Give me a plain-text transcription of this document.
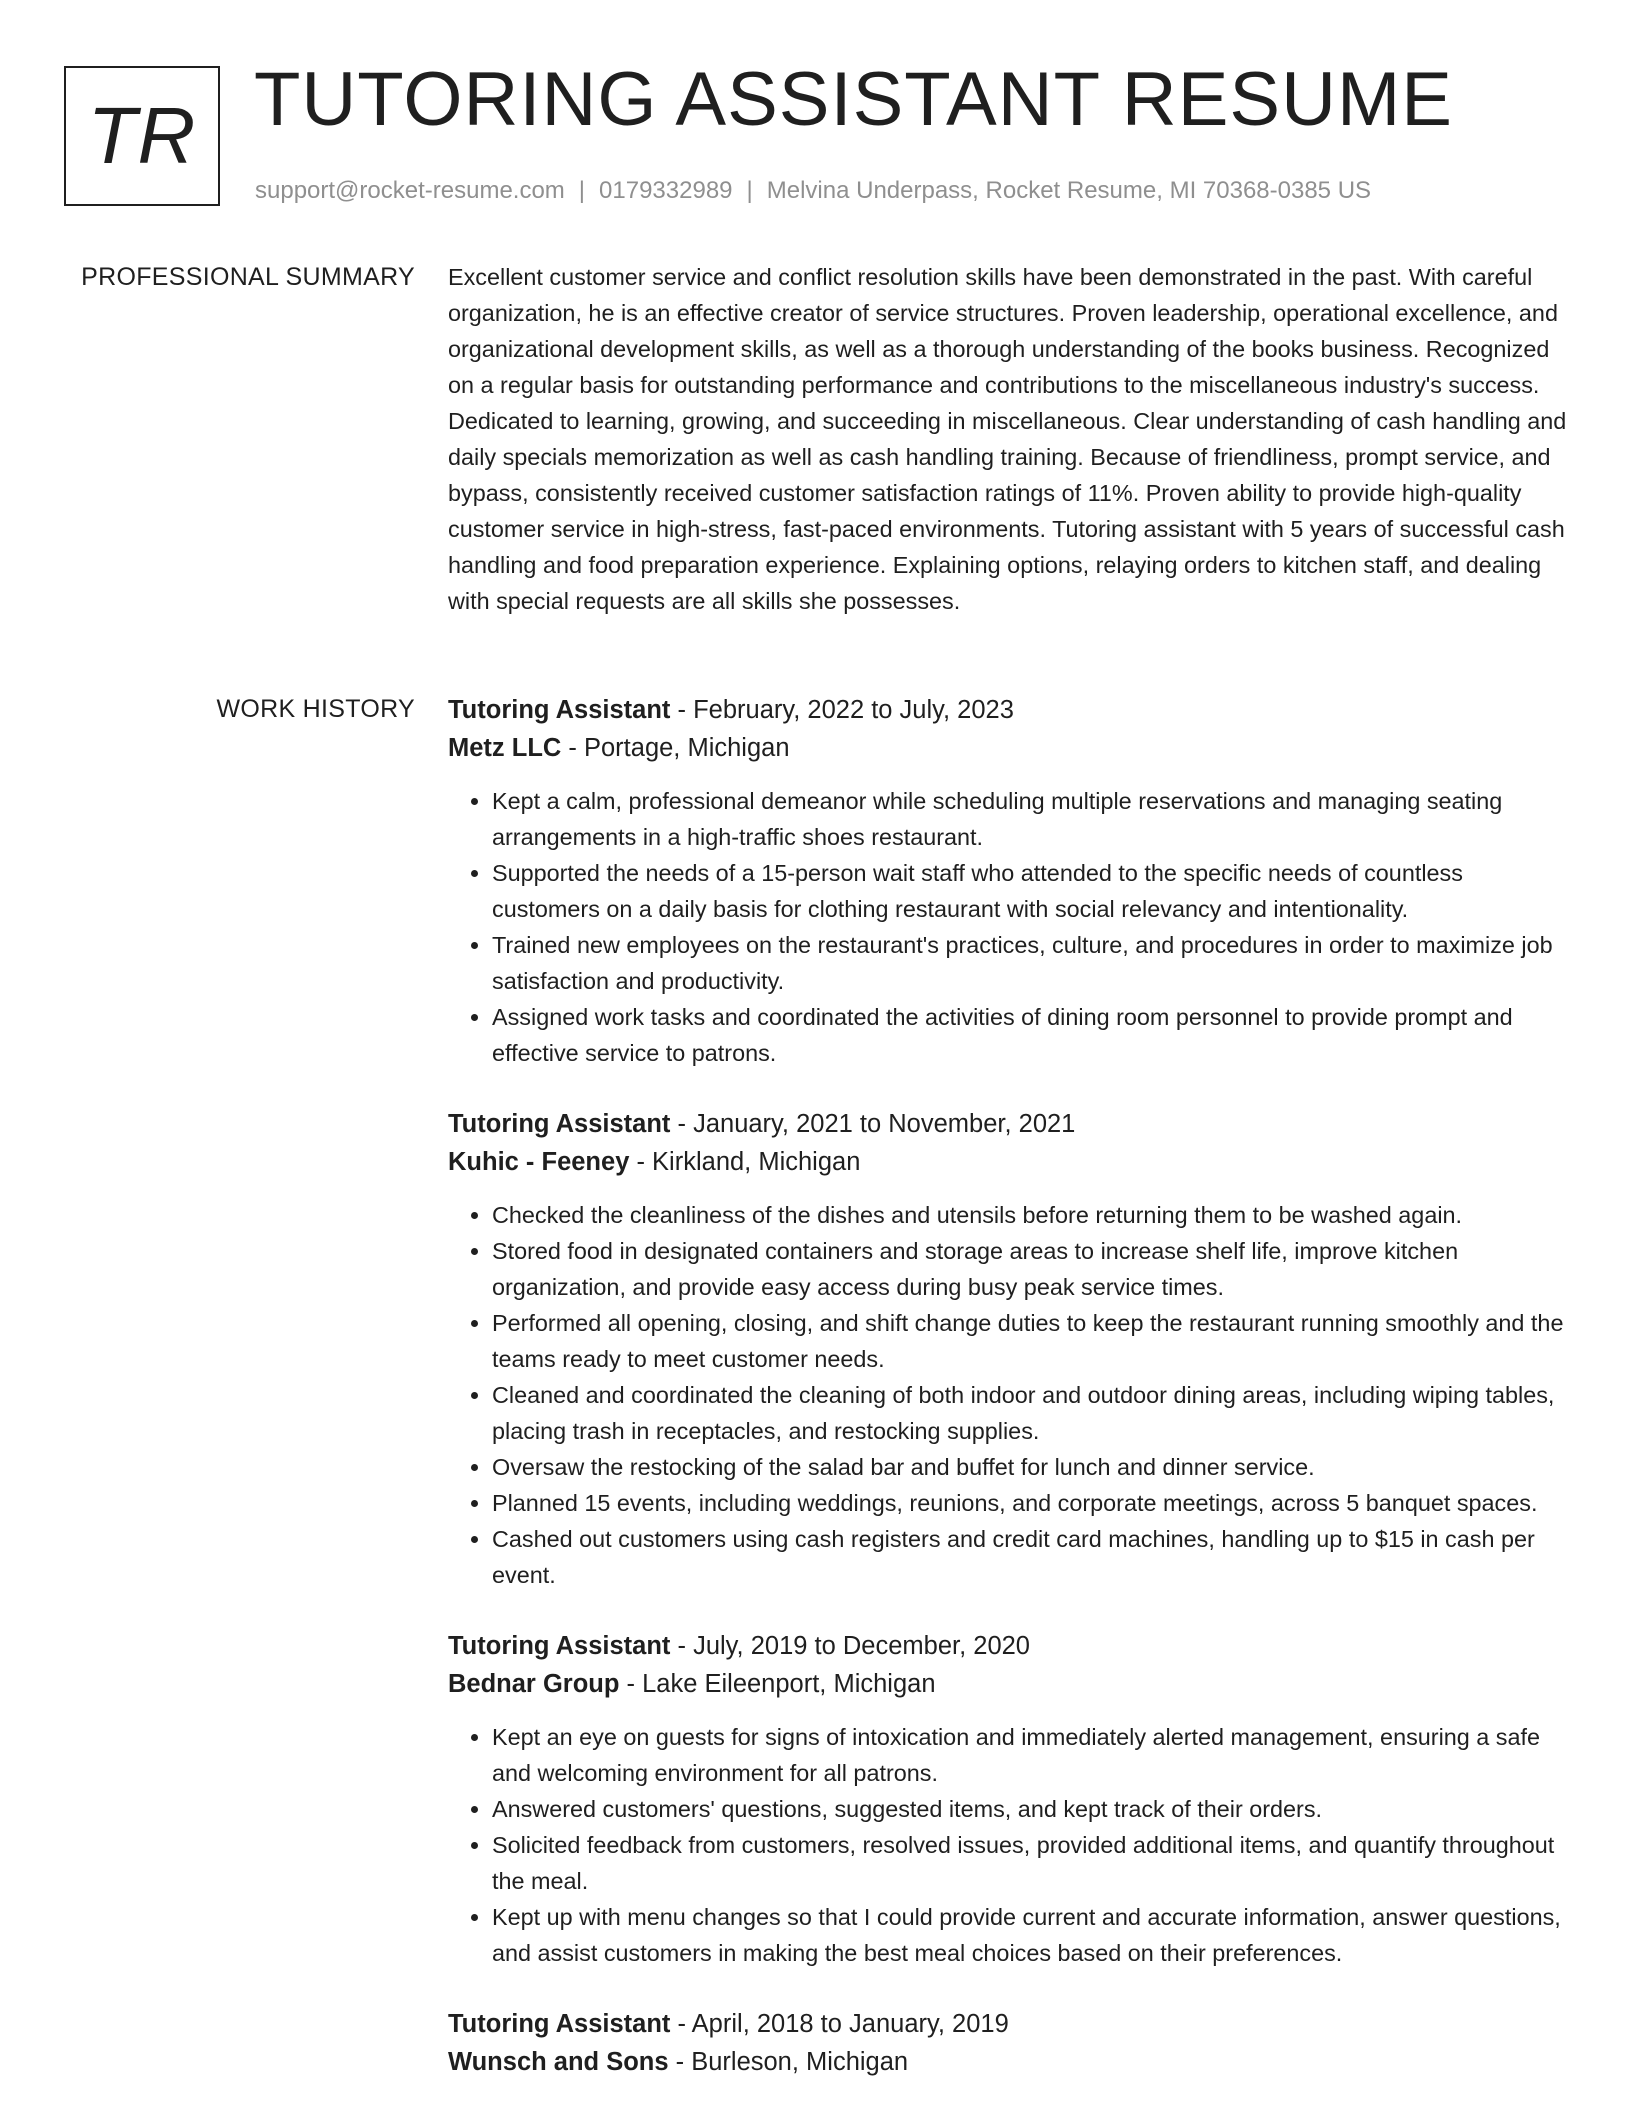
TR TUTORING ASSISTANT RESUME
support@rocket-resume.com | 0179332989 | Melvina Underpass, Rocket Resume, MI 70368-0385 US
PROFESSIONAL SUMMARY Excellent customer service and conflict resolution skills have been demonstrated in the past. With careful organization, he is an effective creator of service structures. Proven leadership, operational excellence, and organizational development skills, as well as a thorough understanding of the books business. Recognized on a regular basis for outstanding performance and contributions to the miscellaneous industry's success. Dedicated to learning, growing, and succeeding in miscellaneous. Clear understanding of cash handling and daily specials memorization as well as cash handling training. Because of friendliness, prompt service, and bypass, consistently received customer satisfaction ratings of 11%. Proven ability to provide high-quality customer service in high-stress, fast-paced environments. Tutoring assistant with 5 years of successful cash handling and food preparation experience. Explaining options, relaying orders to kitchen staff, and dealing with special requests are all skills she possesses.

WORK HISTORY Tutoring Assistant - February, 2022 to July, 2023
Metz LLC - Portage, Michigan
• Kept a calm, professional demeanor while scheduling multiple reservations and managing seating arrangements in a high-traffic shoes restaurant.
• Supported the needs of a 15-person wait staff who attended to the specific needs of countless customers on a daily basis for clothing restaurant with social relevancy and intentionality.
• Trained new employees on the restaurant's practices, culture, and procedures in order to maximize job satisfaction and productivity.
• Assigned work tasks and coordinated the activities of dining room personnel to provide prompt and effective service to patrons.
Tutoring Assistant - January, 2021 to November, 2021
Kuhic - Feeney - Kirkland, Michigan
• Checked the cleanliness of the dishes and utensils before returning them to be washed again.
• Stored food in designated containers and storage areas to increase shelf life, improve kitchen organization, and provide easy access during busy peak service times.
• Performed all opening, closing, and shift change duties to keep the restaurant running smoothly and the teams ready to meet customer needs.
• Cleaned and coordinated the cleaning of both indoor and outdoor dining areas, including wiping tables, placing trash in receptacles, and restocking supplies.
• Oversaw the restocking of the salad bar and buffet for lunch and dinner service.
• Planned 15 events, including weddings, reunions, and corporate meetings, across 5 banquet spaces.
• Cashed out customers using cash registers and credit card machines, handling up to $15 in cash per event.
Tutoring Assistant - July, 2019 to December, 2020
Bednar Group - Lake Eileenport, Michigan
• Kept an eye on guests for signs of intoxication and immediately alerted management, ensuring a safe and welcoming environment for all patrons.
• Answered customers' questions, suggested items, and kept track of their orders.
• Solicited feedback from customers, resolved issues, provided additional items, and quantify throughout the meal.
• Kept up with menu changes so that I could provide current and accurate information, answer questions, and assist customers in making the best meal choices based on their preferences.
Tutoring Assistant - April, 2018 to January, 2019
Wunsch and Sons - Burleson, Michigan
